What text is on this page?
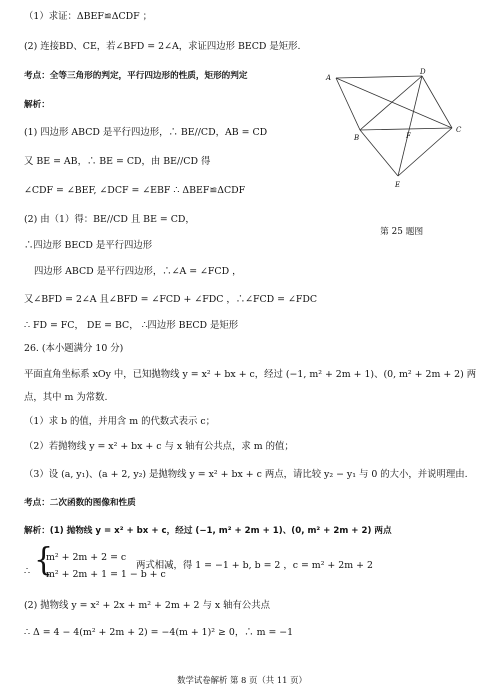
（1）求证：ΔBEF≌ΔCDF ；
(2) 连接BD、CE，若∠BFD = 2∠A，求证四边形 BECD 是矩形.
考点：全等三角形的判定，平行四边形的性质，矩形的判定
解析：
(1) 四边形 ABCD 是平行四边形，∴ BE//CD，AB = CD
又 BE = AB，∴ BE = CD，由 BE//CD 得
∠CDF = ∠BEF, ∠DCF = ∠EBF ∴ ΔBEF≌ΔCDF
(2) 由（1）得：BE//CD 且 BE = CD，
∴四边形 BECD 是平行四边形
四边形 ABCD 是平行四边形，∴∠A = ∠FCD ，
又∠BFD = 2∠A 且∠BFD = ∠FCD + ∠FDC ，∴∠FCD = ∠FDC
∴ FD = FC， DE = BC， ∴四边形 BECD 是矩形
26. (本小题满分 10 分)
平面直角坐标系 xOy 中，已知抛物线 y = x² + bx + c，经过 (−1, m² + 2m + 1)、(0, m² + 2m + 2) 两
点，其中 m 为常数.
（1）求 b 的值，并用含 m 的代数式表示 c；
（2）若抛物线 y = x² + bx + c 与 x 轴有公共点，求 m 的值；
（3）设 (a, y₁)、(a + 2, y₂) 是抛物线 y = x² + bx + c 两点，请比较 y₂ − y₁ 与 0 的大小，并说明理由.
考点：二次函数的图像和性质
解析：(1) 抛物线 y = x² + bx + c，经过 (−1, m² + 2m + 1)、(0, m² + 2m + 2) 两点
∴ {
m² + 2m + 2 = c
m² + 2m + 1 = 1 − b + c
两式相减，得 1 = −1 + b, b = 2 ，c = m² + 2m + 2
(2) 抛物线 y = x² + 2x + m² + 2m + 2 与 x 轴有公共点
∴ Δ = 4 − 4(m² + 2m + 2) = −4(m + 1)² ≥ 0，∴ m = −1
A
D
B	F
C
E
第 25 题图
数学试卷解析 第 8 页（共 11 页）
